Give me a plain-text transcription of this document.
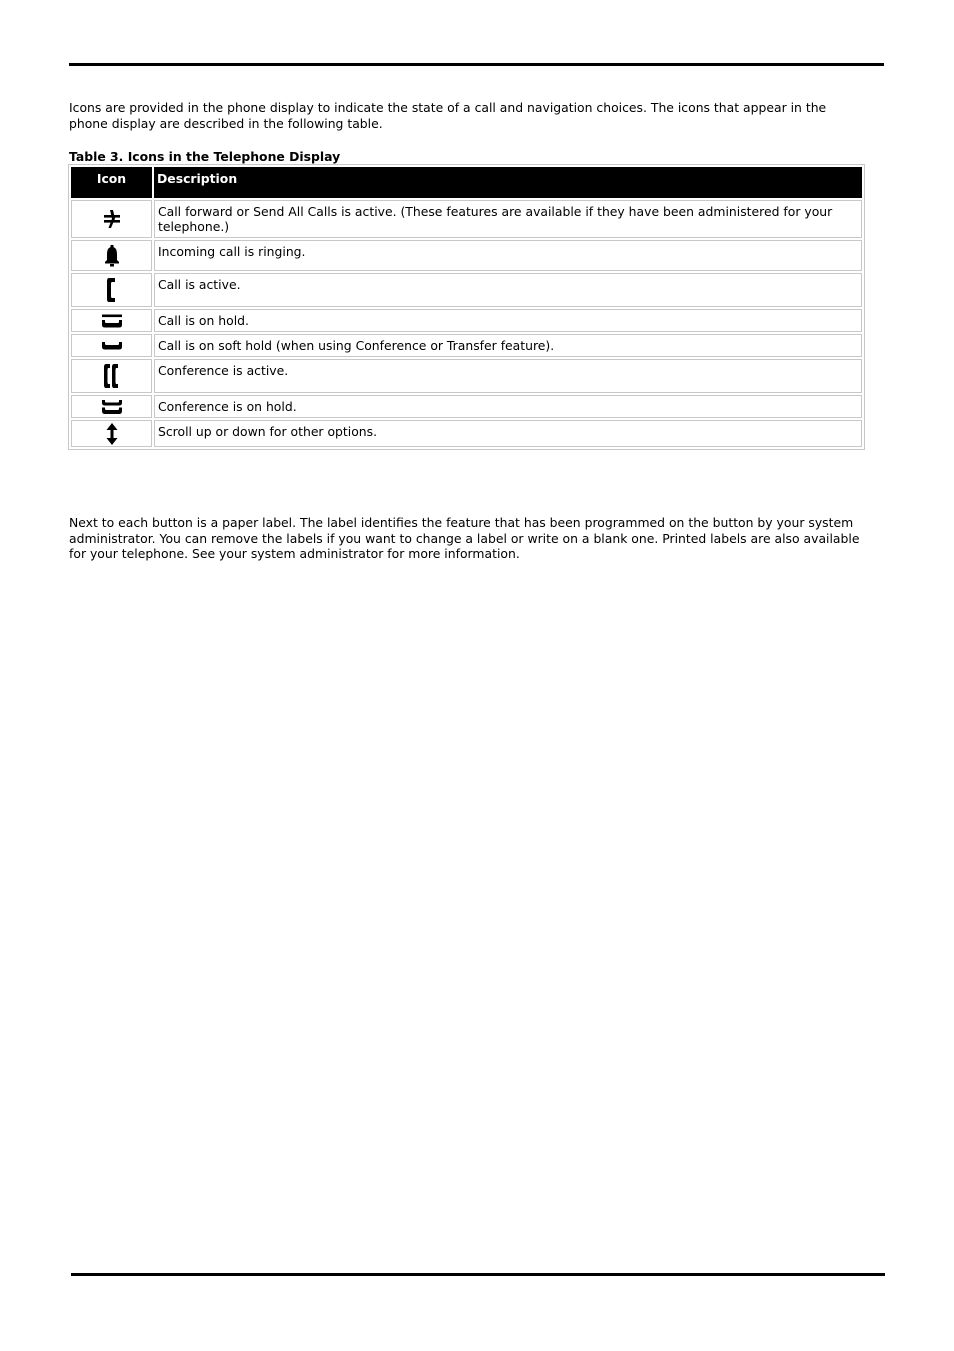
Icons are provided in the phone display to indicate the state of a call and navigation choices. The icons that appear in the phone display are described in the following table.

Table 3. Icons in the Telephone Display
Icon	Description

	Call forward or Send All Calls is active. (These features are available if they have been administered for your telephone.)

	Incoming call is ringing.

	Call is active.

	Call is on hold.

	Call is on soft hold (when using Conference or Transfer feature).

	Conference is active.

	Conference is on hold.

	Scroll up or down for other options.

Next to each button is a paper label. The label identifies the feature that has been programmed on the button by your system administrator. You can remove the labels if you want to change a label or write on a blank one. Printed labels are also available for your telephone. See your system administrator for more information.
